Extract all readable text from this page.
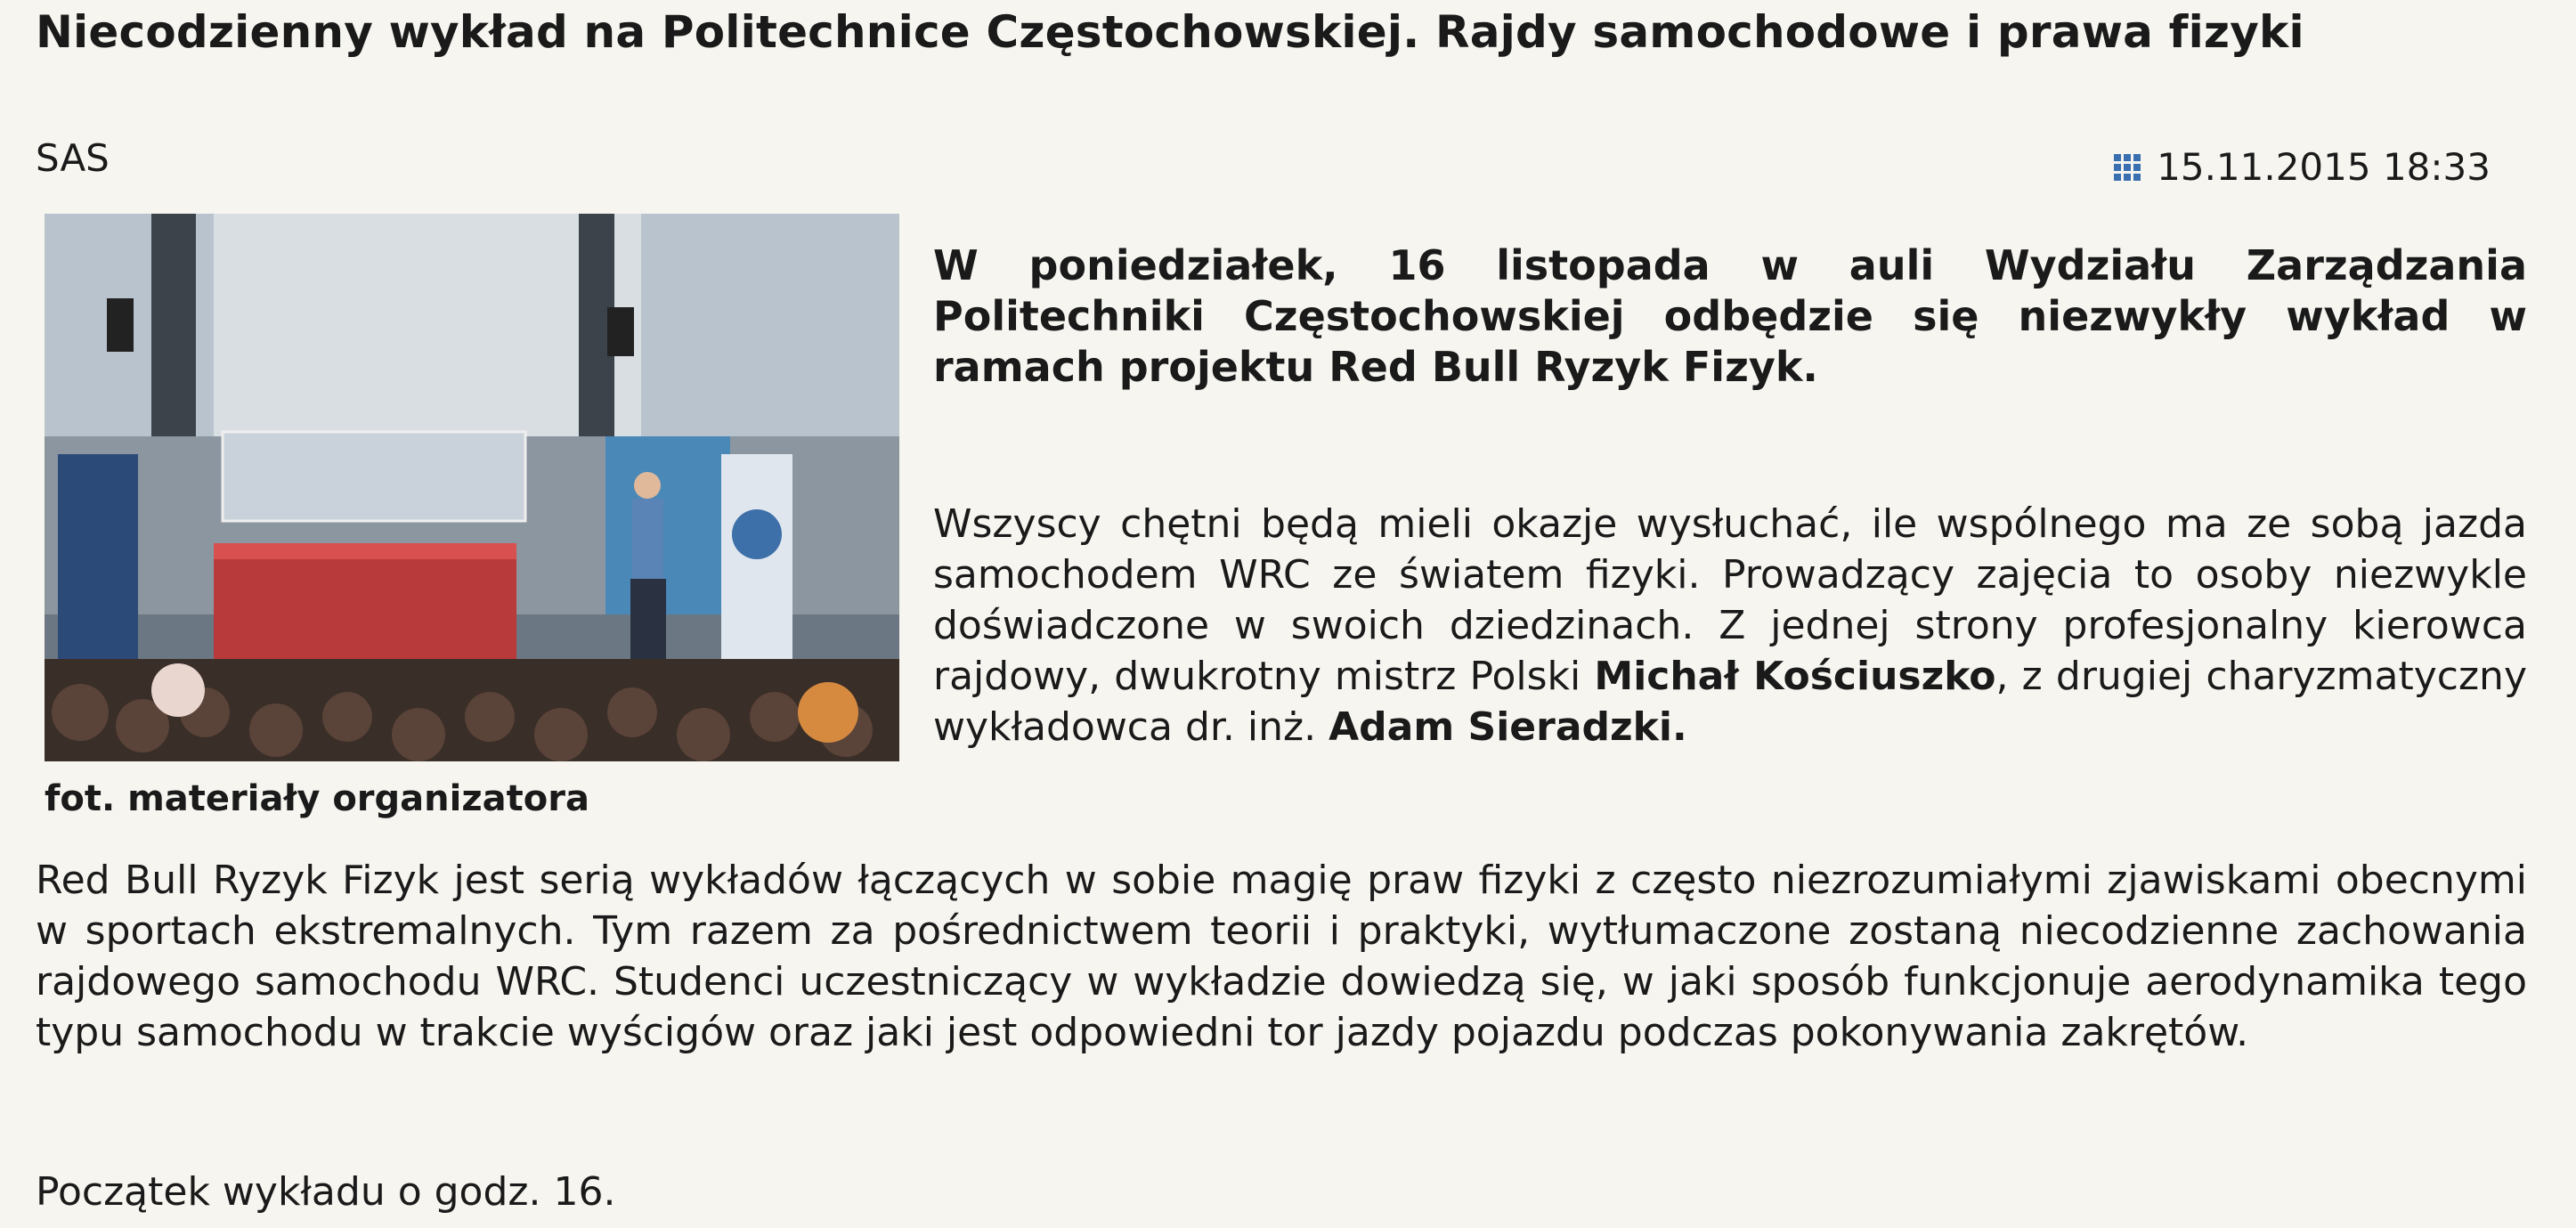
Niecodzienny wykład na Politechnice Częstochowskiej. Rajdy samochodowe i prawa fizyki
SAS	15.11.2015 18:33
fot. materiały organizatora
W poniedziałek, 16 listopada w auli Wydziału Zarządzania Politechniki Częstochowskiej odbędzie się niezwykły wykład w ramach projektu Red Bull Ryzyk Fizyk.
Wszyscy chętni będą mieli okazje wysłuchać, ile wspólnego ma ze sobą jazda samochodem WRC ze światem fizyki. Prowadzący zajęcia to osoby niezwykle doświadczone w swoich dziedzinach. Z jednej strony profesjonalny kierowca rajdowy, dwukrotny mistrz Polski Michał Kościuszko, z drugiej charyzmatyczny wykładowca dr. inż. Adam Sieradzki.
Red Bull Ryzyk Fizyk jest serią wykładów łączących w sobie magię praw fizyki z często niezrozumiałymi zjawiskami obecnymi w sportach ekstremalnych. Tym razem za pośrednictwem teorii i praktyki, wytłumaczone zostaną niecodzienne zachowania rajdowego samochodu WRC. Studenci uczestniczący w wykładzie dowiedzą się, w jaki sposób funkcjonuje aerodynamika tego typu samochodu w trakcie wyścigów oraz jaki jest odpowiedni tor jazdy pojazdu podczas pokonywania zakrętów.
Początek wykładu o godz. 16.
